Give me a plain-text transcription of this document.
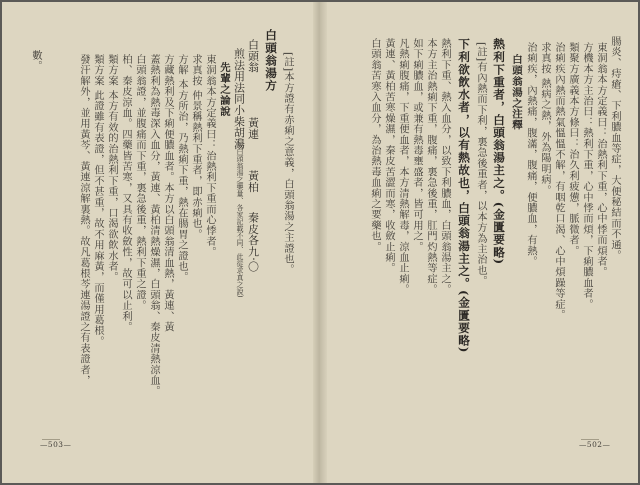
[註]本方證有赤痢之意義，白頭翁湯之主證也。
白頭翁湯方
白頭翁
黃連
黃柏
秦皮各九·〇
煎法用法同小柴胡湯
(按白頭翁湯之藥量、各家記載不同、此從求真之說)
先輩之論說
東洞翁本方定義曰：治熱利下重而心悸者。
求真按 仲景稱熱利下重者，即赤痢也。
方解 本方所治，乃熱痢下重，熱在腸胃之證也。
方藏熱利及下痢便膿血者。本方以白頭翁清血熱，黃連、黃
蓋熱利為熱毒深入血分，黃連、黃柏清熱燥濕，白頭翁、秦皮清熱涼血。
白頭翁證，並腹痛而下重，裏急後重，熱利下重之證。
柏、秦皮涼血。四藥皆苦寒，又具有收斂性，故可以止利。
類方案 本方有效的治熱利下重，口渴欲飲水者。
類方案 此證雖有表證，但不甚重，故不用麻黃，而僅用葛根。
發汗解外，並用黃芩、黃連涼解裏熱。故凡葛根芩連湯證之有表證者，
數。
—503—
腸炎、痔瘡、下利膿血等症，大便秘結而不通。
東洞翁本方定義曰：治熱利下重，心中悸而煩者。
方機本方主治曰：熱利下重，心中悸而煩，下痢膿血者。
類聚方廣義本方條曰：治久利疲憊，脈微者。
治痢疾內熱而熱氣慍慍不解，有咽乾口渴、心中煩躁等症。
求真按 熱病之熱，外為陽明病。
治痢疾，內熱痛，腹滿，腹痛，便膿血，有熱。
白頭翁湯之注釋
熱利下重者，白頭翁湯主之。(金匱要略)
[註]有內熱而下利，裏急後重者，以本方為主治也。
下利欲飲水者，以有熱故也，白頭翁湯主之。(金匱要略)
熱利下重、熱入血分，以致下利膿血，白頭翁湯主之。
本方主治熱痢下重，腹痛，裏急後重，肛門灼熱等症。
如下痢膿血，或兼有熱毒壅盛者，皆可用之。
凡熱痢腹痛，下重便血者，本方清熱解毒，涼血止痢。
黃連、黃柏苦寒燥濕，秦皮苦澀而寒，收斂止痢。
白頭翁苦寒入血分，為治熱毒血痢之要藥也。
—502—
